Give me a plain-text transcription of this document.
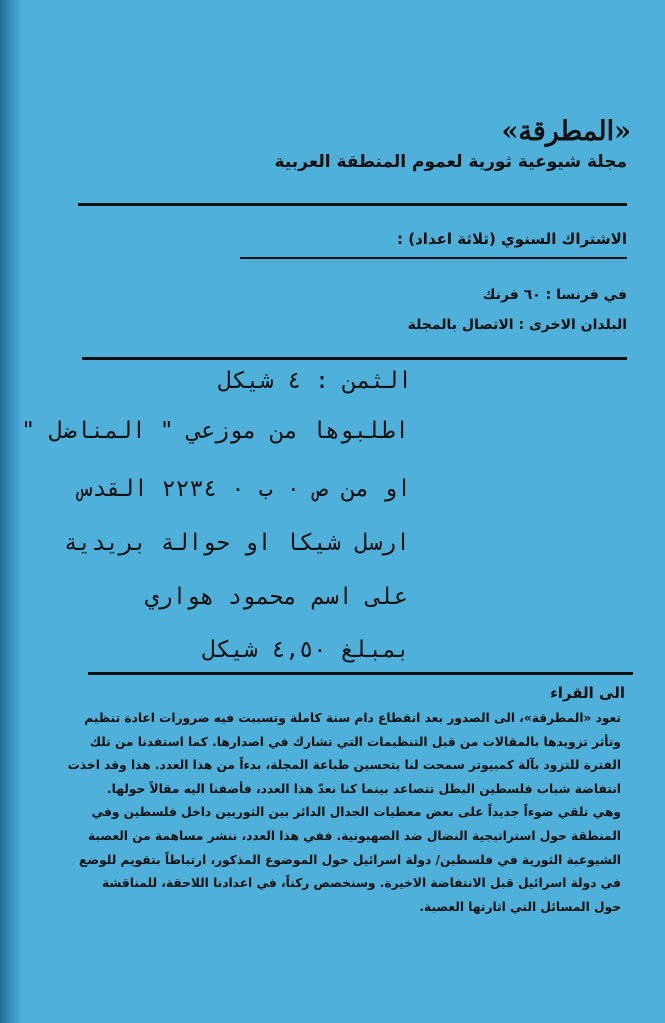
«المطرقة»
مجلة شيوعية ثورية لعموم المنطقة العربية
الاشتراك السنوي (ثلاثة اعداد) :
في فرنسا : ٦٠ فرنك
البلدان الاخرى : الاتصال بالمجلة
الثمن : ٤ شيكل
اطلبوها من موزعي " المناضل "
او من ص ٠ ب ٠ ٢٢٣٤ القدس
ارسل شيكا او حوالة بريدية
على اسم محمود هواري
بمبلغ ٤,٥٠ شيكل
الى القراء

تعود «المطرقة»، الى الصدور بعد انقطاع دام سنة كاملة وتسببت فيه ضرورات اعادة تنظيم

وتأثر تزويدها بالمقالات من قبل التنظيمات التي تشارك في اصدارها. كما استفدنا من تلك

الفترة للتزود بآلة كمبيوتر سمحت لنا بتحسين طباعة المجلة، بدءاً من هذا العدد. هذا وقد اخذت

انتفاضة شباب فلسطين البطل تتصاعد بينما كنا نعدّ هذا العدد، فأضفنا اليه مقالاً حولها.

وهي تلقي ضوءاً جديداً على بعض معطيات الجدال الدائر بين الثوريين داخل فلسطين وفي

المنطقة حول استراتيجية النضال ضد الصهيونية. ففي هذا العدد، ننشر مساهمة من العصبة

الشيوعية الثورية في فلسطين/ دولة اسرائيل حول الموضوع المذكور، ارتباطاً بتقويم للوضع

في دولة اسرائيل قبل الانتفاضة الاخيرة. وسنخصص ركناً، في اعدادنا اللاحقة، للمناقشة

حول المسائل التي اثارتها العصبة.
